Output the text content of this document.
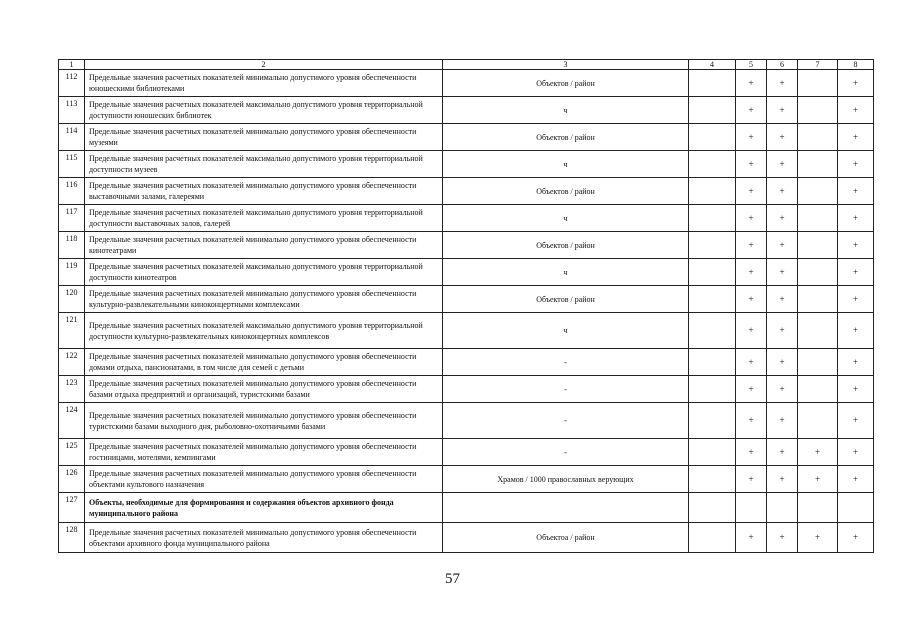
1	2	3	4	5	6	7	8
112	Предельные значения расчетных показателей минимально допустимого уровня обеспеченности юношескими библиотеками	Объектов / район		+	+		+
113	Предельные значения расчетных показателей максимально допустимого уровня территориальной доступности юношеских библиотек	ч		+	+		+
114	Предельные значения расчетных показателей минимально допустимого уровня обеспеченности музеями	Объектов / район		+	+		+
115	Предельные значения расчетных показателей максимально допустимого уровня территориальной доступности музеев	ч		+	+		+
116	Предельные значения расчетных показателей минимально допустимого уровня обеспеченности выставочными залами, галереями	Объектов / район		+	+		+
117	Предельные значения расчетных показателей максимально допустимого уровня территориальной доступности выставочных залов, галерей	ч		+	+		+
118	Предельные значения расчетных показателей минимально допустимого уровня обеспеченности кинотеатрами	Объектов / район		+	+		+
119	Предельные значения расчетных показателей максимально допустимого уровня территориальной доступности кинотеатров	ч		+	+		+
120	Предельные значения расчетных показателей минимально допустимого уровня обеспеченности культурно-развлекательными киноконцертными комплексами	Объектов / район		+	+		+
121	Предельные значения расчетных показателей максимально допустимого уровня территориальной доступности культурно-развлекательных киноконцертных комплексов	ч		+	+		+
122	Предельные значения расчетных показателей минимально допустимого уровня обеспеченности домами отдыха, пансионатами, в том числе для семей с детьми	-		+	+		+
123	Предельные значения расчетных показателей минимально допустимого уровня обеспеченности базами отдыха предприятий и организаций, туристскими базами	-		+	+		+
124	Предельные значения расчетных показателей минимально допустимого уровня обеспеченности туристскими базами выходного дня, рыболовно-охотничьими базами	-		+	+		+
125	Предельные значения расчетных показателей минимально допустимого уровня обеспеченности гостиницами, мотелями, кемпингами	-		+	+	+	+
126	Предельные значения расчетных показателей минимально допустимого уровня обеспеченности объектами культового назначения	Храмов / 1000 православных верующих		+	+	+	+
127	Объекты, необходимые для формирования и содержания объектов архивного фонда муниципального района						
128	Предельные значения расчетных показателей минимально допустимого уровня обеспеченности объектами архивного фонда муниципального района	Объектоа / район		+	+	+	+
57
